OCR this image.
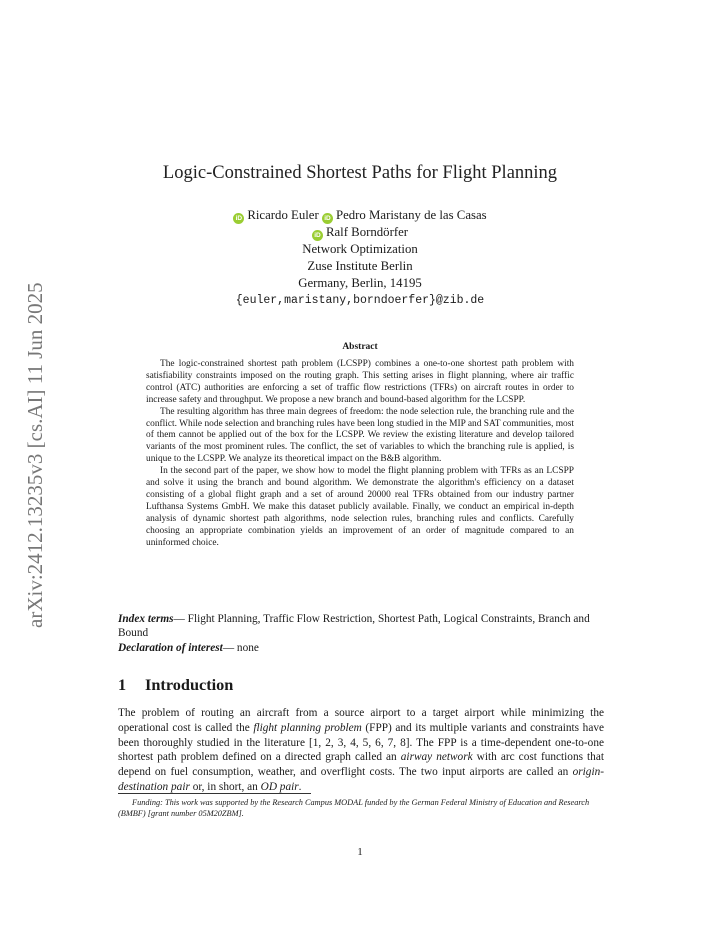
arXiv:2412.13235v3 [cs.AI] 11 Jun 2025
Logic-Constrained Shortest Paths for Flight Planning
iD Ricardo Euler iD Pedro Maristany de las Casas
iD Ralf Borndörfer
Network Optimization
Zuse Institute Berlin
Germany, Berlin, 14195
{euler,maristany,borndoerfer}@zib.de
Abstract

The logic-constrained shortest path problem (LCSPP) combines a one-to-one shortest path problem with satisfiability constraints imposed on the routing graph. This setting arises in flight planning, where air traffic control (ATC) authorities are enforcing a set of traffic flow restrictions (TFRs) on aircraft routes in order to increase safety and throughput. We propose a new branch and bound-based algorithm for the LCSPP.

The resulting algorithm has three main degrees of freedom: the node selection rule, the branching rule and the conflict. While node selection and branching rules have been long studied in the MIP and SAT communities, most of them cannot be applied out of the box for the LCSPP. We review the existing literature and develop tailored variants of the most prominent rules. The conflict, the set of variables to which the branching rule is applied, is unique to the LCSPP. We analyze its theoretical impact on the B&B algorithm.

In the second part of the paper, we show how to model the flight planning problem with TFRs as an LCSPP and solve it using the branch and bound algorithm. We demonstrate the algorithm's efficiency on a dataset consisting of a global flight graph and a set of around 20000 real TFRs obtained from our industry partner Lufthansa Systems GmbH. We make this dataset publicly available. Finally, we conduct an empirical in-depth analysis of dynamic shortest path algorithms, node selection rules, branching rules and conflicts. Carefully choosing an appropriate combination yields an improvement of an order of magnitude compared to an uninformed choice.

Index terms— Flight Planning, Traffic Flow Restriction, Shortest Path, Logical Constraints, Branch and Bound
Declaration of interest— none
1 Introduction

The problem of routing an aircraft from a source airport to a target airport while minimizing the operational cost is called the flight planning problem (FPP) and its multiple variants and constraints have been thoroughly studied in the literature [1, 2, 3, 4, 5, 6, 7, 8]. The FPP is a time-dependent one-to-one shortest path problem defined on a directed graph called an airway network with arc cost functions that depend on fuel consumption, weather, and overflight costs. The two input airports are called an origin-destination pair or, in short, an OD pair.

Funding: This work was supported by the Research Campus MODAL funded by the German Federal Ministry of Education and Research (BMBF) [grant number 05M20ZBM].
1
